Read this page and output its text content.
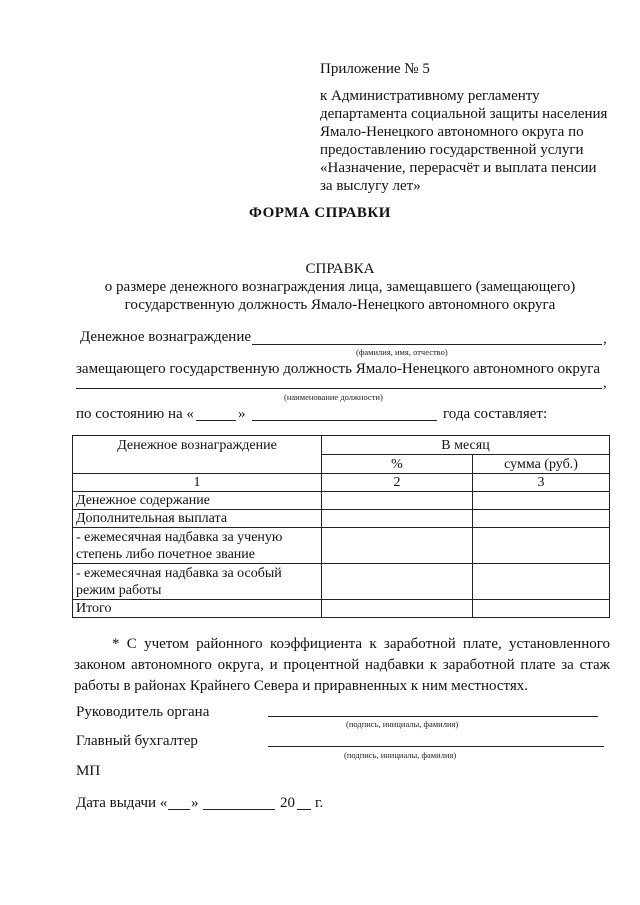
Приложение № 5
к Административному регламенту
департамента социальной защиты населения
Ямало-Ненецкого автономного округа по
предоставлению государственной услуги
«Назначение, перерасчёт и выплата пенсии
за выслугу лет»
ФОРМА СПРАВКИ
СПРАВКА
о размере денежного вознаграждения лица, замещавшего (замещающего)
государственную должность Ямало-Ненецкого автономного округа
Денежное вознаграждение	,
(фамилия, имя, отчество)
замещающего государственную должность Ямало-Ненецкого автономного округа
,
(наименование должности)
по состоянию на «	»	года составляет:
Денежное вознаграждение	В месяц	
	%	сумма (руб.)
1	2	3
Денежное содержание		
Дополнительная выплата		
- ежемесячная надбавка за ученую степень либо почетное звание		
- ежемесячная надбавка за особый режим работы		
Итого		
* С учетом районного коэффициента к заработной плате, установленного законом автономного округа, и процентной надбавки к заработной плате за стаж работы в районах Крайнего Севера и приравненных к ним местностях.
Руководитель органа
(подпись, инициалы, фамилия)
Главный бухгалтер
(подпись, инициалы, фамилия)
МП
Дата выдачи « »	20 г.
